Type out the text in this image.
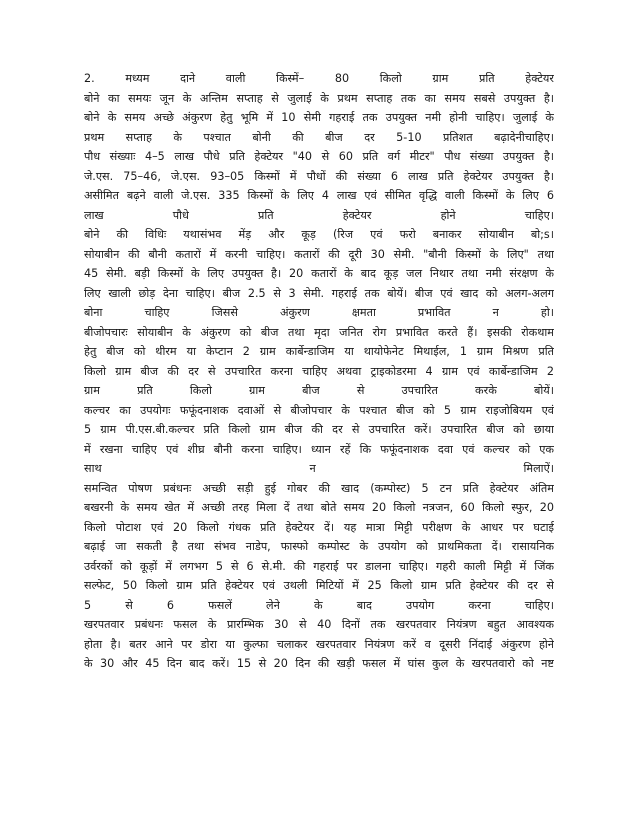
2. मध्यम दाने वाली किस्में– 80 किलो ग्राम प्रति हेक्टेयर
बोने का समयः जून के अन्तिम सप्ताह से जुलाई के प्रथम सप्ताह तक का समय सबसे उपयुक्त है।
बोने के समय अच्छे अंकुरण हेतु भूमि में 10 सेमी गहराई तक उपयुक्त नमी होनी चाहिए। जुलाई के
प्रथम सप्ताह के पश्चात बोनी की बीज दर 5-10 प्रतिशत बढ़ादेनीचाहिए।
पौध संख्याः 4–5 लाख पौधे प्रति हेक्टेयर "40 से 60 प्रति वर्ग मीटर" पौध संख्या उपयुक्त है।
जे.एस. 75–46, जे.एस. 93–05 किस्मों में पौधों की संख्या 6 लाख प्रति हेक्टेयर उपयुक्त है।
असीमित बढ़ने वाली जे.एस. 335 किस्मों के लिए 4 लाख एवं सीमित वृद्धि वाली किस्मों के लिए 6
लाख पौधे प्रति हेक्टेयर होने चाहिए।
बोने की विधिः यथासंभव मेंड़ और कूड़ (रिज एवं फरो बनाकर सोयाबीन बो;s।
सोयाबीन की बौनी कतारों में करनी चाहिए। कतारों की दूरी 30 सेमी. "बौनी किस्मों के लिए" तथा
45 सेमी. बड़ी किस्मों के लिए उपयुक्त है। 20 कतारों के बाद कूड़ जल निथार तथा नमी संरक्षण के
लिए खाली छोड़ देना चाहिए। बीज 2.5 से 3 सेमी. गहराई तक बोयें। बीज एवं खाद को अलग-अलग
बोना चाहिए जिससे अंकुरण क्षमता प्रभावित न हो।
बीजोपचारः सोयाबीन के अंकुरण को बीज तथा मृदा जनित रोग प्रभावित करते हैं। इसकी रोकथाम
हेतु बीज को थीरम या केप्टान 2 ग्राम कार्बेन्डाजिम या थायोफेनेट मिथाईल, 1 ग्राम मिश्रण प्रति
किलो ग्राम बीज की दर से उपचारित करना चाहिए अथवा ट्राइकोडरमा 4 ग्राम एवं कार्बेन्डाजिम 2
ग्राम प्रति किलो ग्राम बीज से उपचारित करके बोयें।
कल्चर का उपयोगः फफूंदनाशक दवाओं से बीजोपचार के पश्चात बीज को 5 ग्राम राइजोबियम एवं
5 ग्राम पी.एस.बी.कल्चर प्रति किलो ग्राम बीज की दर से उपचारित करें। उपचारित बीज को छाया
में रखना चाहिए एवं शीघ्र बौनी करना चाहिए। ध्यान रहें कि फफूंदनाशक दवा एवं कल्चर को एक
साथ न मिलाऐं।
समन्वित पोषण प्रबंधनः अच्छी सड़ी हुई गोबर की खाद (कम्पोस्ट) 5 टन प्रति हेक्टेयर अंतिम
बखरनी के समय खेत में अच्छी तरह मिला दें तथा बोते समय 20 किलो नत्रजन, 60 किलो स्फुर, 20
किलो पोटाश एवं 20 किलो गंधक प्रति हेक्टेयर दें। यह मात्रा मिट्टी परीक्षण के आधर पर घटाई
बढ़ाई जा सकती है तथा संभव नाडेप, फास्फो कम्पोस्ट के उपयोग को प्राथमिकता दें। रासायनिक
उर्वरकों को कूड़ों में लगभग 5 से 6 से.मी. की गहराई पर डालना चाहिए। गहरी काली मिट्टी में जिंक
सल्फेट, 50 किलो ग्राम प्रति हेक्टेयर एवं उथली मिटियों में 25 किलो ग्राम प्रति हेक्टेयर की दर से
5 से 6 फसलें लेने के बाद उपयोग करना चाहिए।
खरपतवार प्रबंधनः फसल के प्रारम्भिक 30 से 40 दिनों तक खरपतवार नियंत्रण बहुत आवश्यक
होता है। बतर आने पर डोरा या कुल्फा चलाकर खरपतवार नियंत्रण करें व दूसरी निंदाई अंकुरण होने
के 30 और 45 दिन बाद करें। 15 से 20 दिन की खड़ी फसल में घांस कुल के खरपतवारो को नष्ट
